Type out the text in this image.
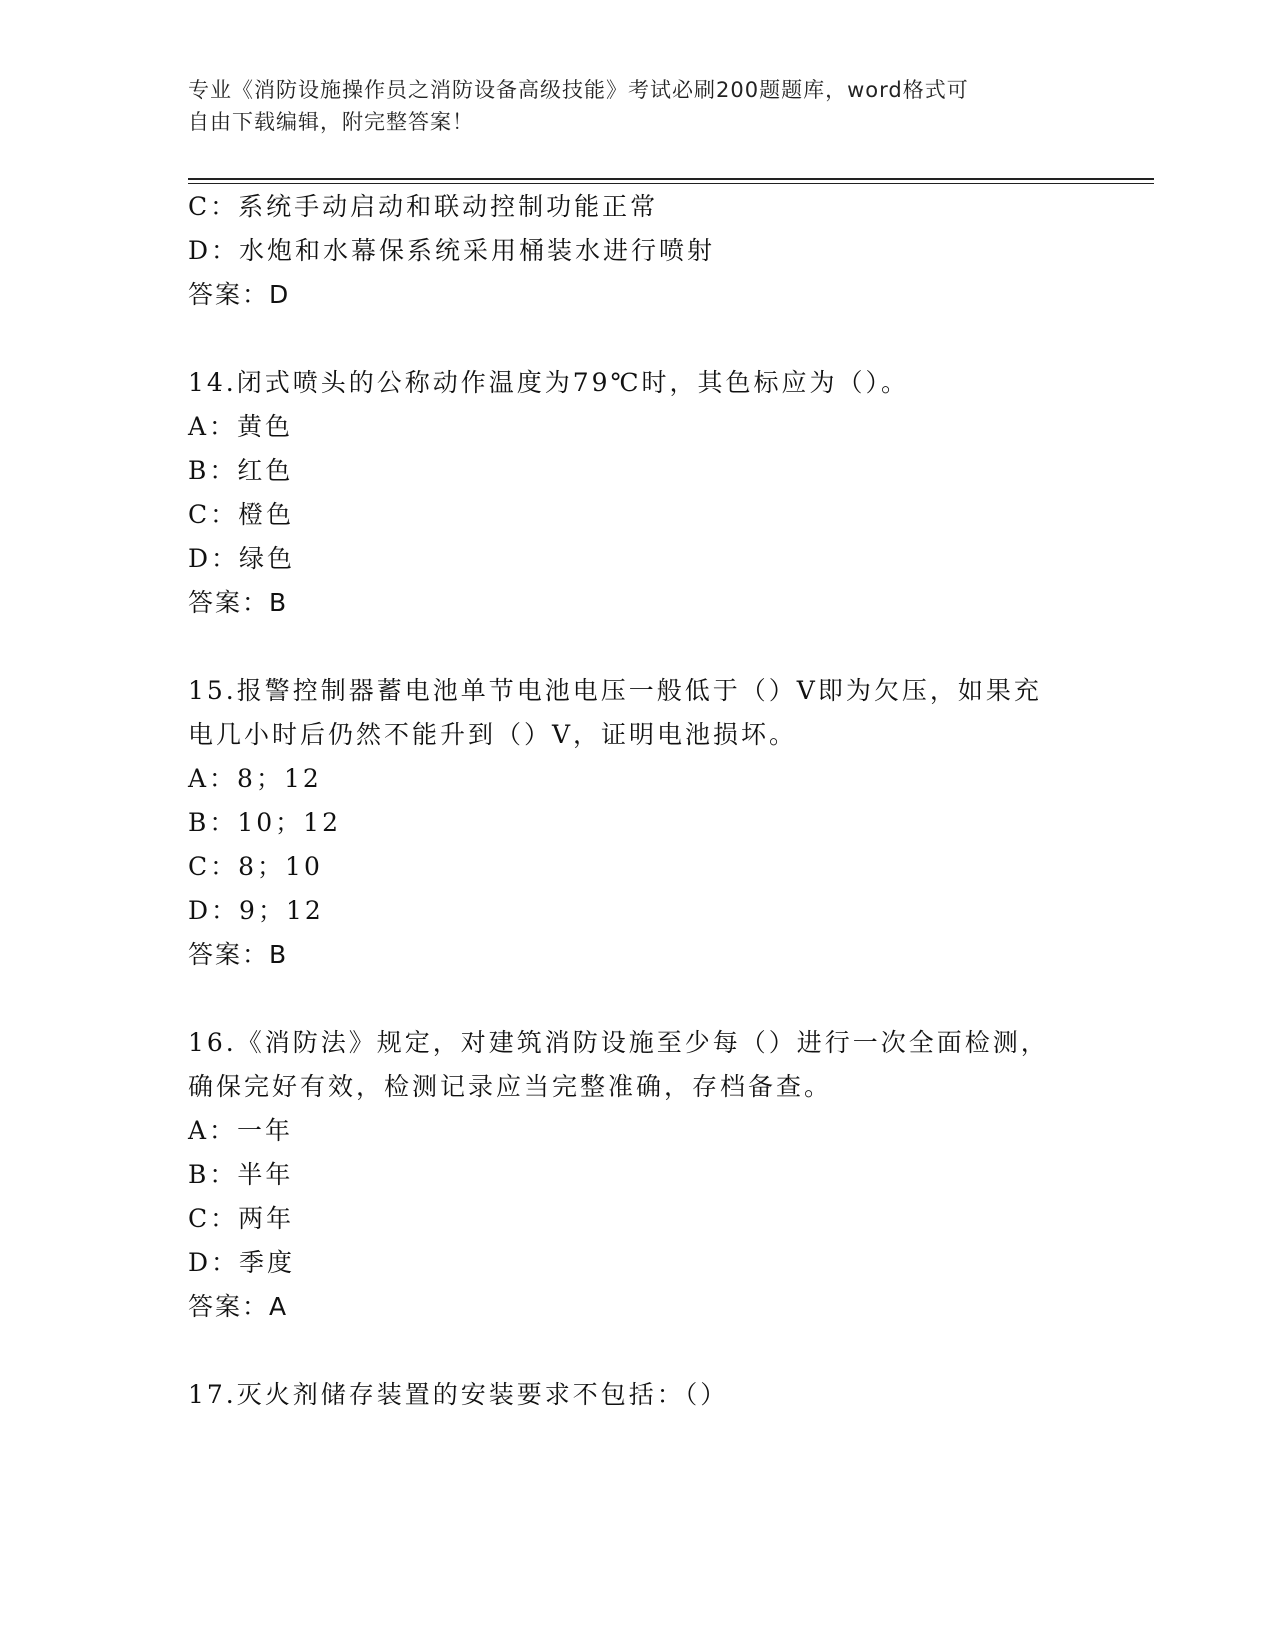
专业《消防设施操作员之消防设备高级技能》考试必刷200题题库，word格式可
自由下载编辑，附完整答案！
C：系统手动启动和联动控制功能正常
D：水炮和水幕保系统采用桶装水进行喷射
答案：D
14.闭式喷头的公称动作温度为79℃时，其色标应为（）。
A：黄色
B：红色
C：橙色
D：绿色
答案：B
15.报警控制器蓄电池单节电池电压一般低于（）V即为欠压，如果充
电几小时后仍然不能升到（）V，证明电池损坏。
A：8；12
B：10；12
C：8；10
D：9；12
答案：B
16.《消防法》规定，对建筑消防设施至少每（）进行一次全面检测，
确保完好有效，检测记录应当完整准确，存档备查。
A：一年
B：半年
C：两年
D：季度
答案：A
17.灭火剂储存装置的安装要求不包括：（）
